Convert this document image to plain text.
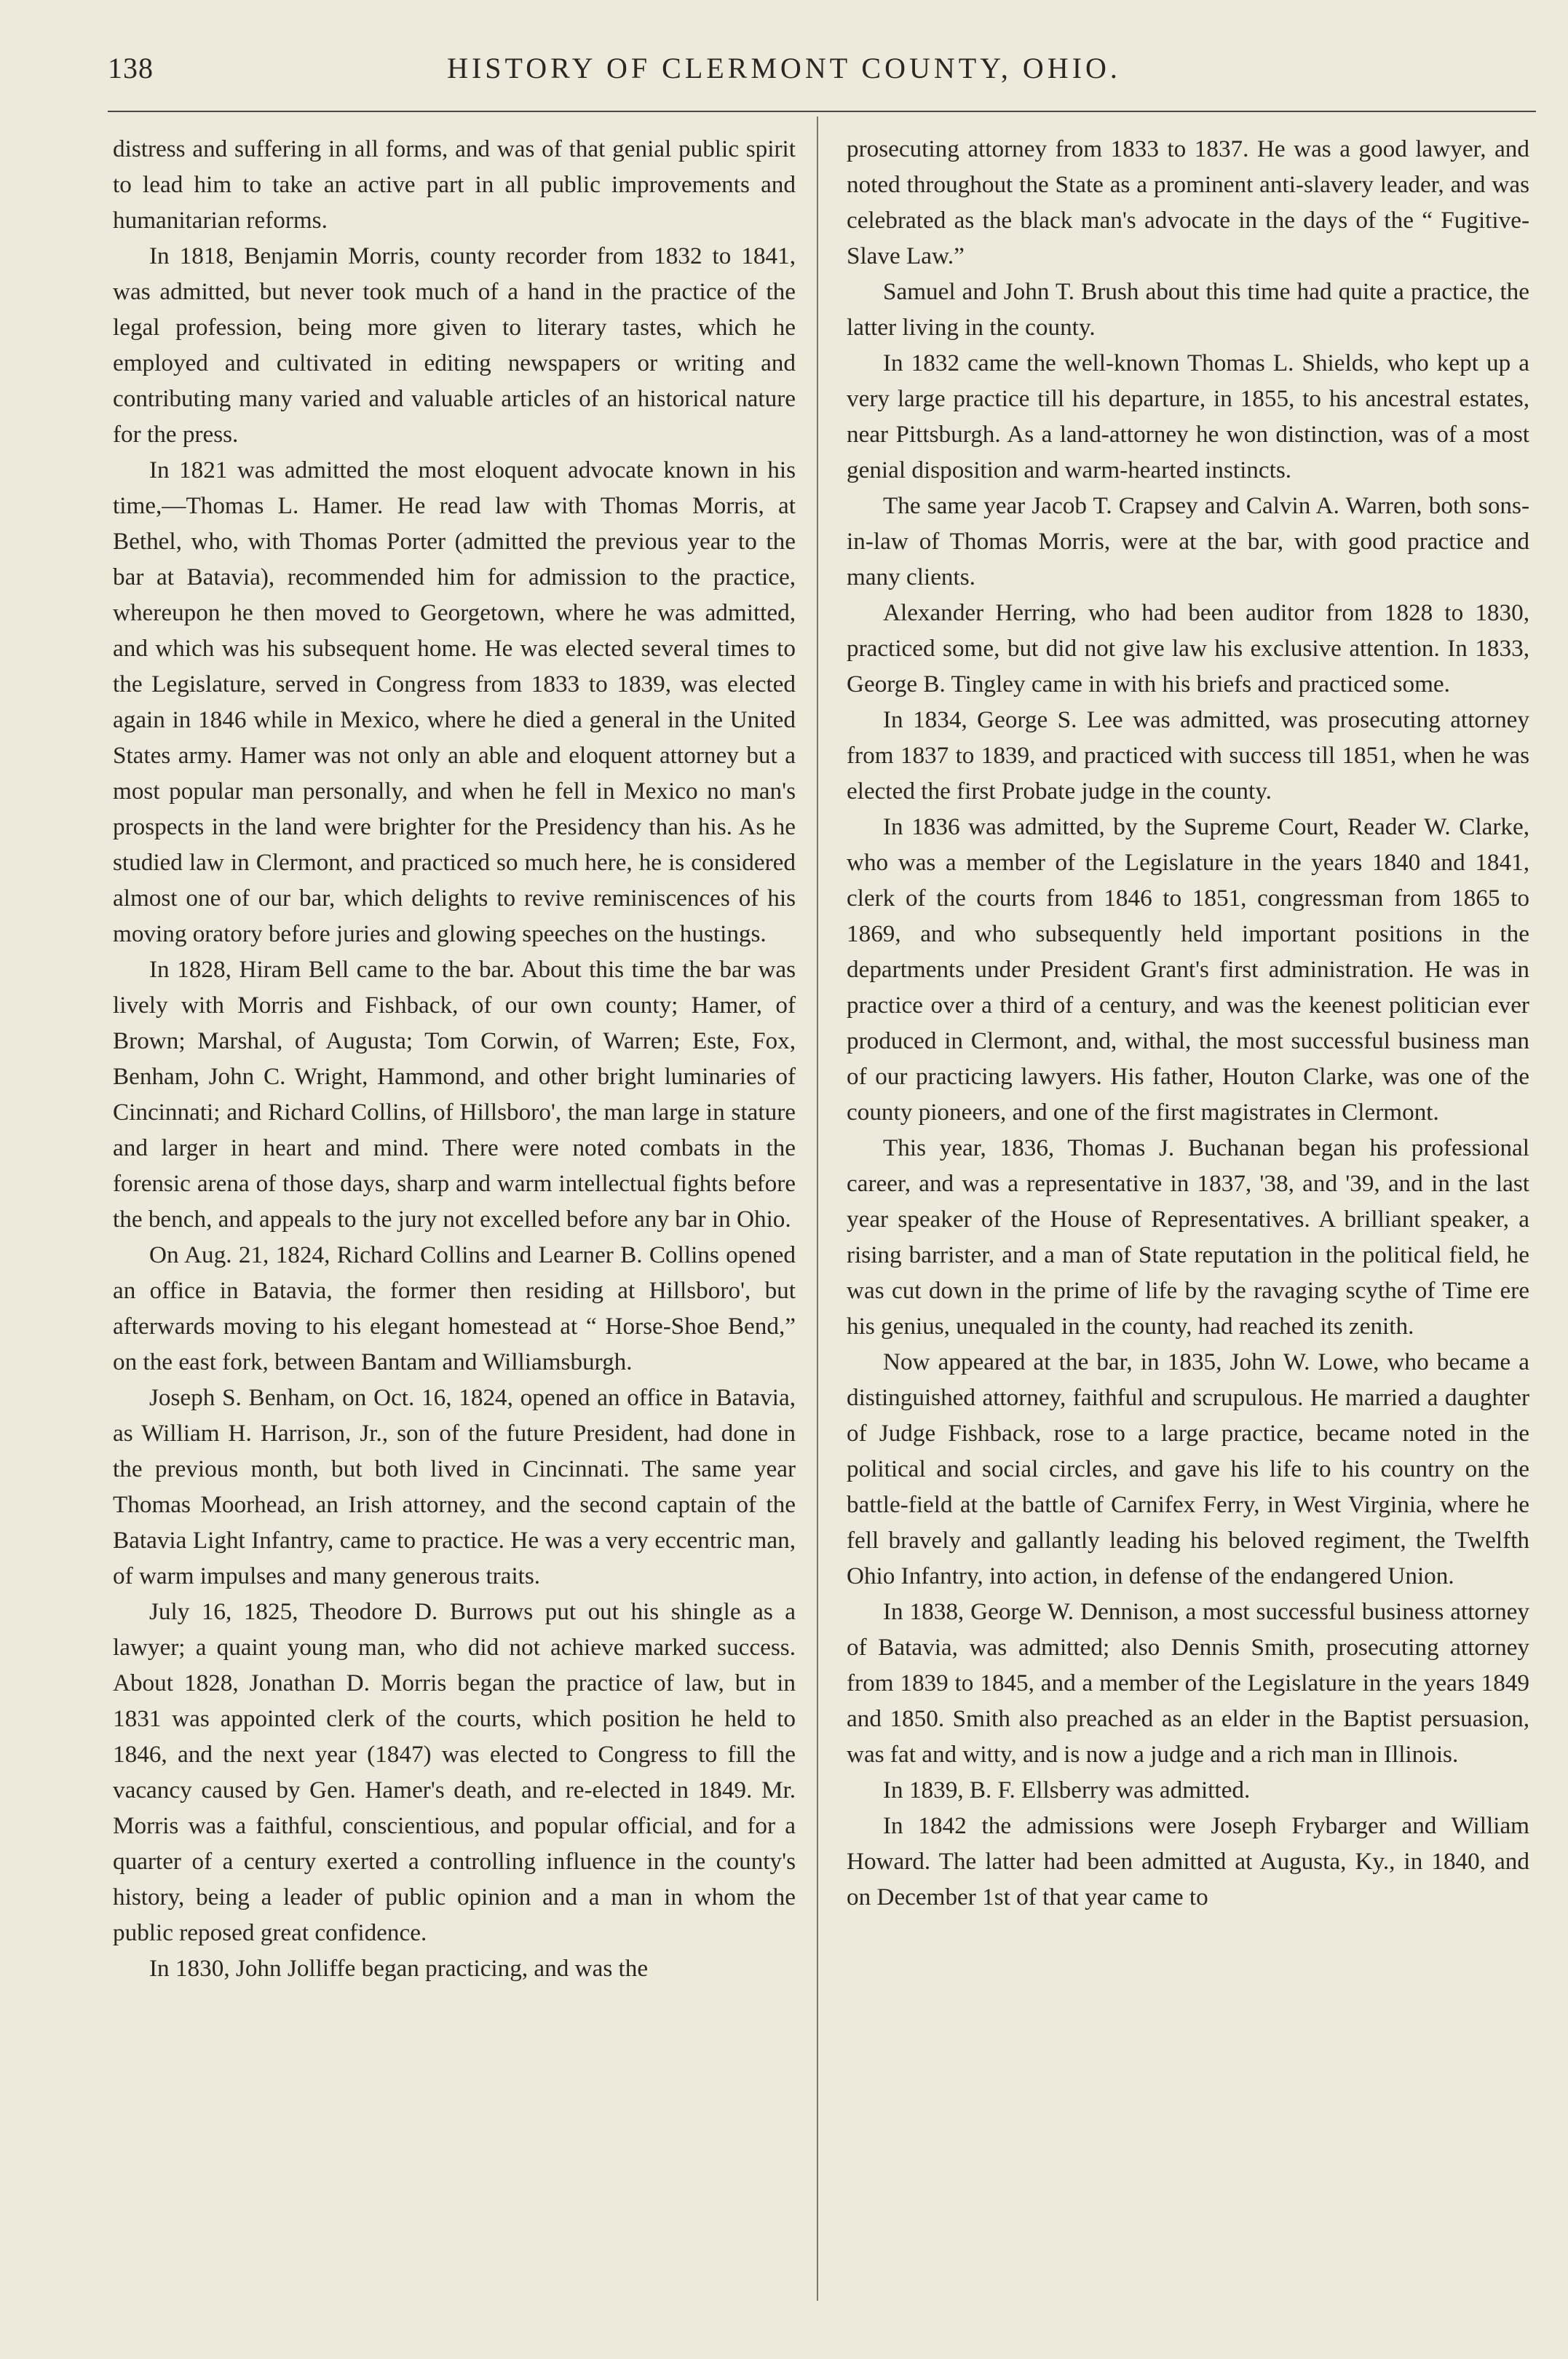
138	HISTORY OF CLERMONT COUNTY, OHIO.

distress and suffering in all forms, and was of that genial public spirit to lead him to take an active part in all public improvements and humanitarian reforms.

In 1818, Benjamin Morris, county recorder from 1832 to 1841, was admitted, but never took much of a hand in the practice of the legal profession, being more given to literary tastes, which he employed and cultivated in editing newspapers or writing and contributing many varied and valuable articles of an historical nature for the press.

In 1821 was admitted the most eloquent advocate known in his time,—Thomas L. Hamer. He read law with Thomas Morris, at Bethel, who, with Thomas Porter (admitted the previous year to the bar at Batavia), recommended him for admission to the practice, whereupon he then moved to Georgetown, where he was admitted, and which was his subsequent home. He was elected several times to the Legislature, served in Congress from 1833 to 1839, was elected again in 1846 while in Mexico, where he died a general in the United States army. Hamer was not only an able and eloquent attorney but a most popular man personally, and when he fell in Mexico no man's prospects in the land were brighter for the Presidency than his. As he studied law in Clermont, and practiced so much here, he is considered almost one of our bar, which delights to revive reminiscences of his moving oratory before juries and glowing speeches on the hustings.

In 1828, Hiram Bell came to the bar. About this time the bar was lively with Morris and Fishback, of our own county; Hamer, of Brown; Marshal, of Augusta; Tom Corwin, of Warren; Este, Fox, Benham, John C. Wright, Hammond, and other bright luminaries of Cincinnati; and Richard Collins, of Hillsboro', the man large in stature and larger in heart and mind. There were noted combats in the forensic arena of those days, sharp and warm intellectual fights before the bench, and appeals to the jury not excelled before any bar in Ohio.

On Aug. 21, 1824, Richard Collins and Learner B. Collins opened an office in Batavia, the former then residing at Hillsboro', but afterwards moving to his elegant homestead at “ Horse-Shoe Bend,” on the east fork, between Bantam and Williamsburgh.

Joseph S. Benham, on Oct. 16, 1824, opened an office in Batavia, as William H. Harrison, Jr., son of the future President, had done in the previous month, but both lived in Cincinnati. The same year Thomas Moorhead, an Irish attorney, and the second captain of the Batavia Light Infantry, came to practice. He was a very eccentric man, of warm impulses and many generous traits.

July 16, 1825, Theodore D. Burrows put out his shingle as a lawyer; a quaint young man, who did not achieve marked success. About 1828, Jonathan D. Morris began the practice of law, but in 1831 was appointed clerk of the courts, which position he held to 1846, and the next year (1847) was elected to Congress to fill the vacancy caused by Gen. Hamer's death, and re-elected in 1849. Mr. Morris was a faithful, conscientious, and popular official, and for a quarter of a century exerted a controlling influence in the county's history, being a leader of public opinion and a man in whom the public reposed great confidence.

In 1830, John Jolliffe began practicing, and was the

prosecuting attorney from 1833 to 1837. He was a good lawyer, and noted throughout the State as a prominent anti-slavery leader, and was celebrated as the black man's advocate in the days of the “ Fugitive-Slave Law.”

Samuel and John T. Brush about this time had quite a practice, the latter living in the county.

In 1832 came the well-known Thomas L. Shields, who kept up a very large practice till his departure, in 1855, to his ancestral estates, near Pittsburgh. As a land-attorney he won distinction, was of a most genial disposition and warm-hearted instincts.

The same year Jacob T. Crapsey and Calvin A. Warren, both sons-in-law of Thomas Morris, were at the bar, with good practice and many clients.

Alexander Herring, who had been auditor from 1828 to 1830, practiced some, but did not give law his exclusive attention. In 1833, George B. Tingley came in with his briefs and practiced some.

In 1834, George S. Lee was admitted, was prosecuting attorney from 1837 to 1839, and practiced with success till 1851, when he was elected the first Probate judge in the county.

In 1836 was admitted, by the Supreme Court, Reader W. Clarke, who was a member of the Legislature in the years 1840 and 1841, clerk of the courts from 1846 to 1851, congressman from 1865 to 1869, and who subsequently held important positions in the departments under President Grant's first administration. He was in practice over a third of a century, and was the keenest politician ever produced in Clermont, and, withal, the most successful business man of our practicing lawyers. His father, Houton Clarke, was one of the county pioneers, and one of the first magistrates in Clermont.

This year, 1836, Thomas J. Buchanan began his professional career, and was a representative in 1837, '38, and '39, and in the last year speaker of the House of Representatives. A brilliant speaker, a rising barrister, and a man of State reputation in the political field, he was cut down in the prime of life by the ravaging scythe of Time ere his genius, unequaled in the county, had reached its zenith.

Now appeared at the bar, in 1835, John W. Lowe, who became a distinguished attorney, faithful and scrupulous. He married a daughter of Judge Fishback, rose to a large practice, became noted in the political and social circles, and gave his life to his country on the battle-field at the battle of Carnifex Ferry, in West Virginia, where he fell bravely and gallantly leading his beloved regiment, the Twelfth Ohio Infantry, into action, in defense of the endangered Union.

In 1838, George W. Dennison, a most successful business attorney of Batavia, was admitted; also Dennis Smith, prosecuting attorney from 1839 to 1845, and a member of the Legislature in the years 1849 and 1850. Smith also preached as an elder in the Baptist persuasion, was fat and witty, and is now a judge and a rich man in Illinois.

In 1839, B. F. Ellsberry was admitted.

In 1842 the admissions were Joseph Frybarger and William Howard. The latter had been admitted at Augusta, Ky., in 1840, and on December 1st of that year came to
